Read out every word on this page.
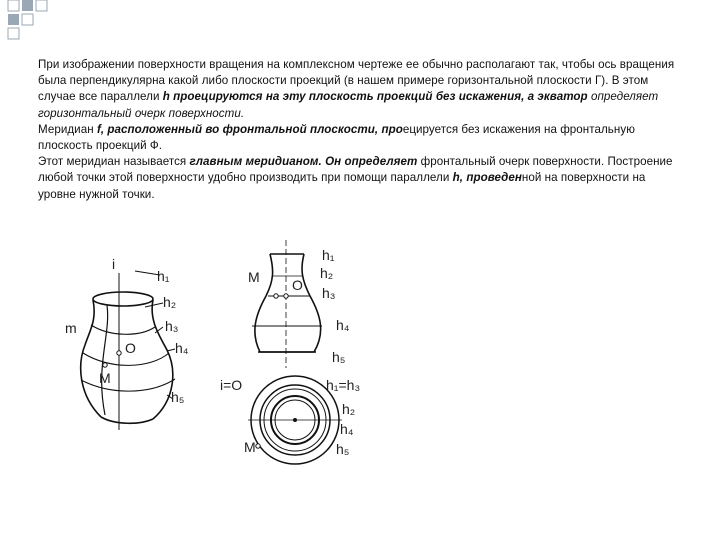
При изображении поверхности вращения на комплексном чертеже ее обычно располагают так, чтобы ось вращения была перпендикулярна какой либо плоскости проекций (в нашем примере горизонтальной плоскости Г). В этом случае все параллели h проецируются на эту плоскость проекций без искажения, а экватор определяет горизонтальный очерк поверхности.

Меридиан f, расположенный во фронтальной плоскости, проецируется без искажения на фронтальную плоскость проекций Ф.

Этот меридиан называется главным меридианом. Он определяет фронтальный очерк поверхности. Построение любой точки этой поверхности удобно производить при помощи параллели h, проведенной на поверхности на уровне нужной точки.

i
h₁
h₂
m	h₃
h₄
O
M
h₅
h₁
h₂
M O h₃
h₄
h₅
i=O	h₁=h₃
h₂
h₄
M	h₅
